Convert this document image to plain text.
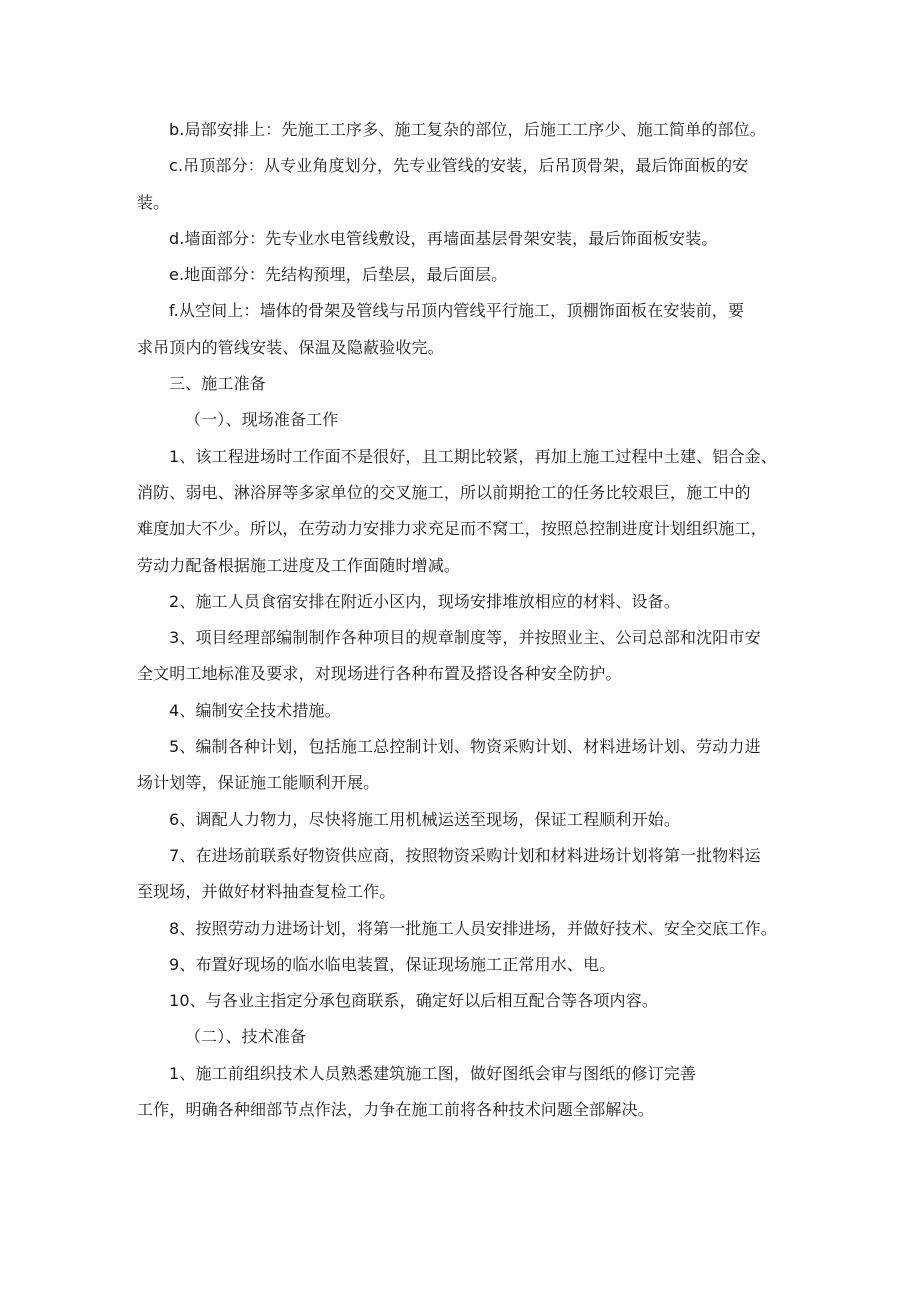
b.局部安排上：先施工工序多、施工复杂的部位，后施工工序少、施工简单的部位。
c.吊顶部分：从专业角度划分，先专业管线的安装，后吊顶骨架，最后饰面板的安
装。
d.墙面部分：先专业水电管线敷设，再墙面基层骨架安装，最后饰面板安装。
e.地面部分：先结构预埋，后垫层，最后面层。
f.从空间上：墙体的骨架及管线与吊顶内管线平行施工，顶棚饰面板在安装前，要
求吊顶内的管线安装、保温及隐蔽验收完。
三、施工准备
（一）、现场准备工作
1、该工程进场时工作面不是很好，且工期比较紧，再加上施工过程中土建、铝合金、
消防、弱电、淋浴屏等多家单位的交叉施工，所以前期抢工的任务比较艰巨，施工中的
难度加大不少。所以，在劳动力安排力求充足而不窝工，按照总控制进度计划组织施工，
劳动力配备根据施工进度及工作面随时增减。
2、施工人员食宿安排在附近小区内，现场安排堆放相应的材料、设备。
3、项目经理部编制制作各种项目的规章制度等，并按照业主、公司总部和沈阳市安
全文明工地标准及要求，对现场进行各种布置及搭设各种安全防护。
4、编制安全技术措施。
5、编制各种计划，包括施工总控制计划、物资采购计划、材料进场计划、劳动力进
场计划等，保证施工能顺利开展。
6、调配人力物力，尽快将施工用机械运送至现场，保证工程顺利开始。
7、在进场前联系好物资供应商，按照物资采购计划和材料进场计划将第一批物料运
至现场，并做好材料抽查复检工作。
8、按照劳动力进场计划，将第一批施工人员安排进场，并做好技术、安全交底工作。
9、布置好现场的临水临电装置，保证现场施工正常用水、电。
10、与各业主指定分承包商联系，确定好以后相互配合等各项内容。
（二）、技术准备
1、施工前组织技术人员熟悉建筑施工图，做好图纸会审与图纸的修订完善
工作，明确各种细部节点作法，力争在施工前将各种技术问题全部解决。
